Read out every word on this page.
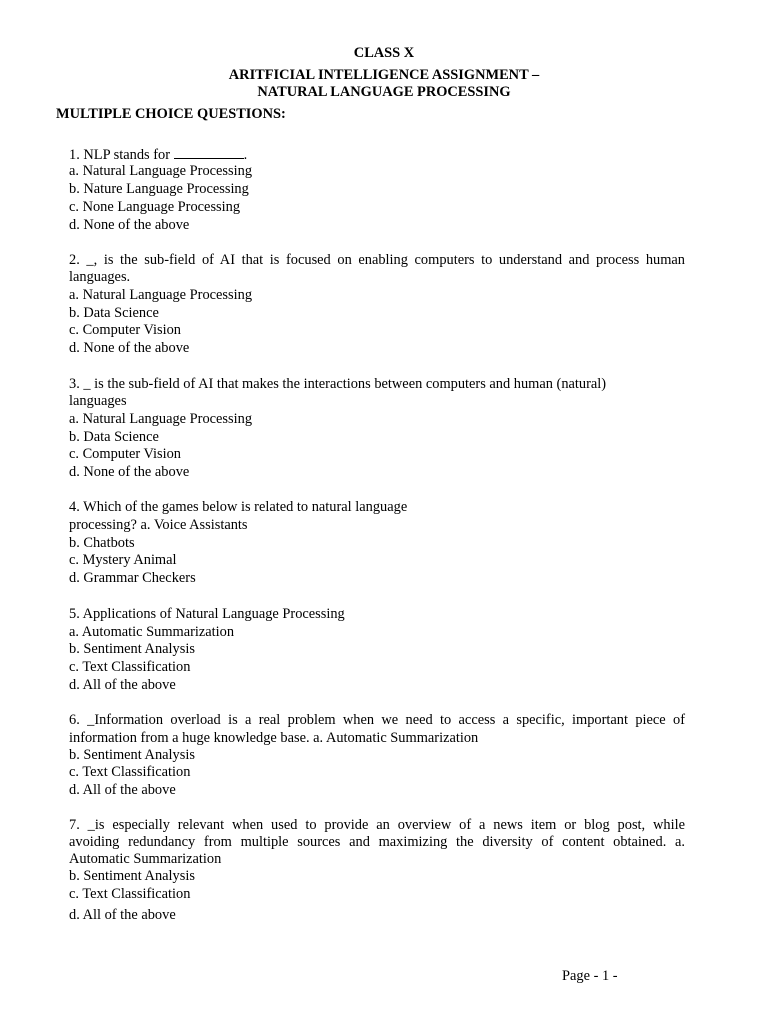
CLASS X
ARITFICIAL INTELLIGENCE ASSIGNMENT –
NATURAL LANGUAGE PROCESSING
MULTIPLE CHOICE QUESTIONS:
1. NLP stands for	.
a. Natural Language Processing
b. Nature Language Processing
c. None Language Processing
d. None of the above
2. _, is the sub-field of AI that is focused on enabling computers to understand and process human
languages.
a. Natural Language Processing
b. Data Science
c. Computer Vision
d. None of the above
3. _ is the sub-field of AI that makes the interactions between computers and human (natural)
languages
a. Natural Language Processing
b. Data Science
c. Computer Vision
d. None of the above
4. Which of the games below is related to natural language
processing? a. Voice Assistants
b. Chatbots
c. Mystery Animal
d. Grammar Checkers
5. Applications of Natural Language Processing
a. Automatic Summarization
b. Sentiment Analysis
c. Text Classification
d. All of the above
6. _Information overload is a real problem when we need to access a specific, important piece of
information from a huge knowledge base. a. Automatic Summarization
b. Sentiment Analysis
c. Text Classification
d. All of the above
7. _is especially relevant when used to provide an overview of a news item or blog post, while
avoiding redundancy from multiple sources and maximizing the diversity of content obtained. a.
Automatic Summarization
b. Sentiment Analysis
c. Text Classification
d. All of the above
Page - 1 -
